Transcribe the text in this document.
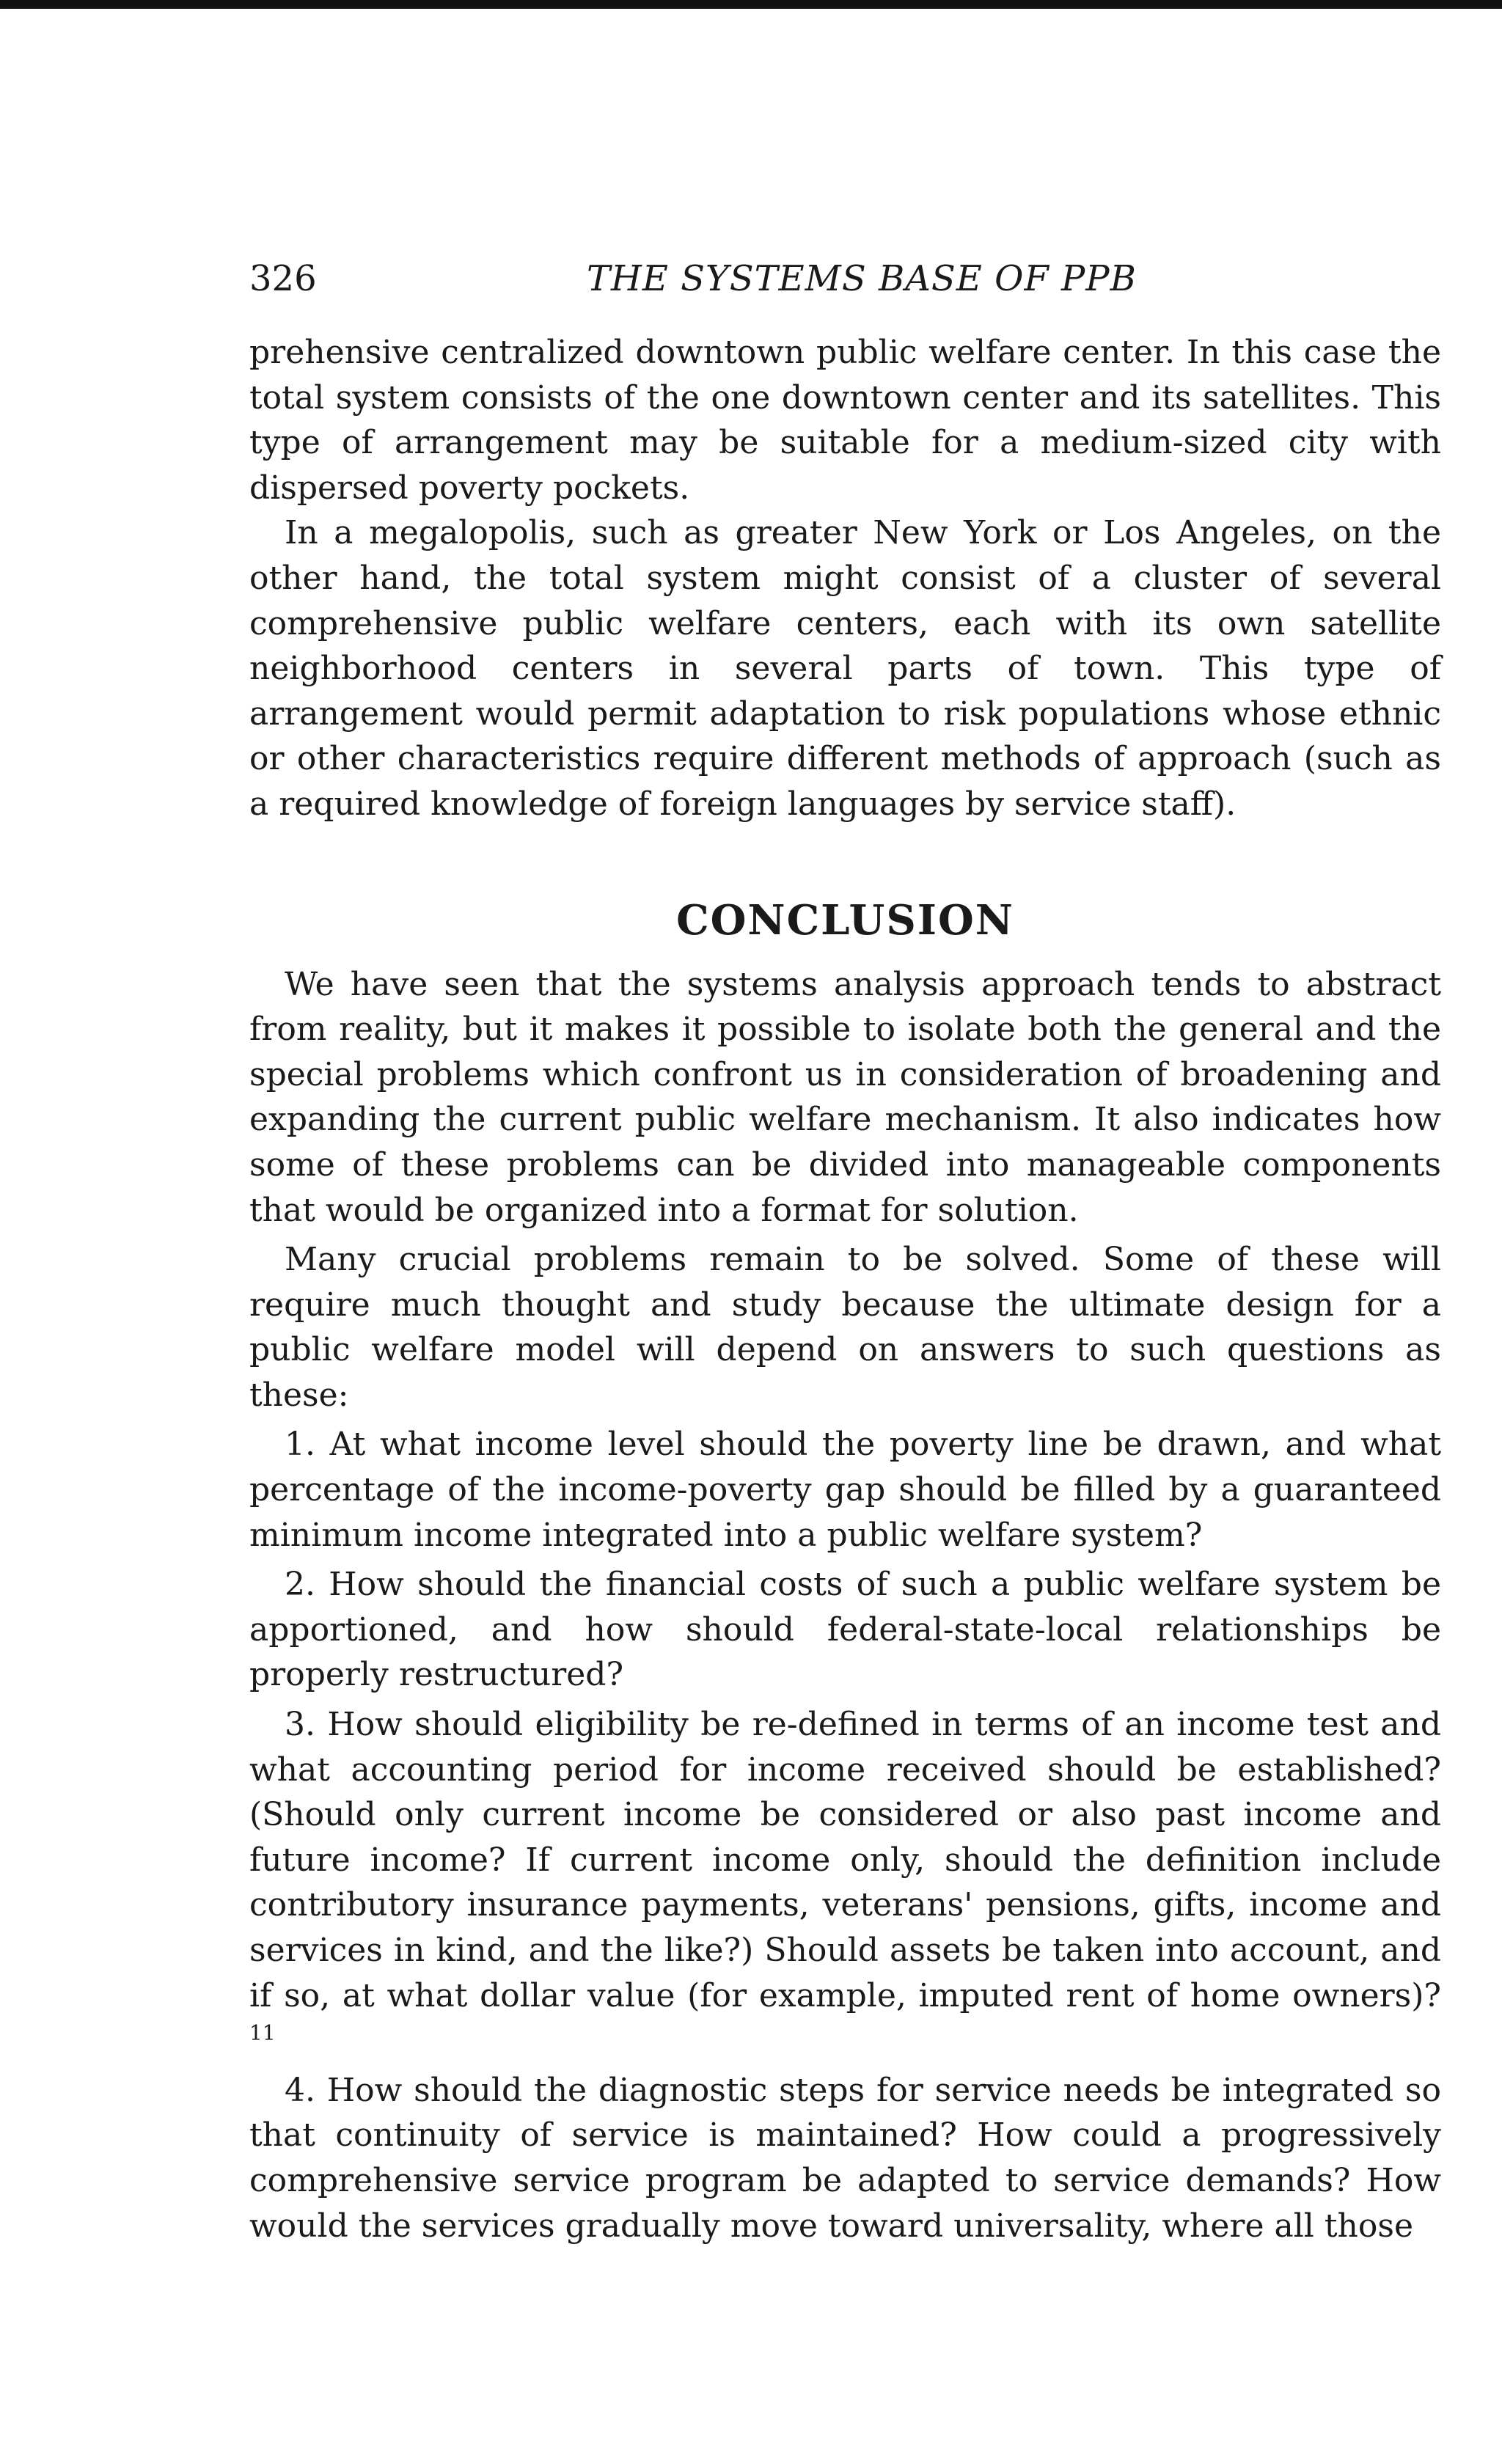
326	THE SYSTEMS BASE OF PPB

prehensive centralized downtown public welfare center. In this case the total system consists of the one downtown center and its satellites. This type of arrangement may be suitable for a medium-sized city with dispersed poverty pockets.

In a megalopolis, such as greater New York or Los Angeles, on the other hand, the total system might consist of a cluster of several comprehensive public welfare centers, each with its own satellite neighborhood centers in several parts of town. This type of arrangement would permit adaptation to risk populations whose ethnic or other characteristics require different methods of approach (such as a required knowledge of foreign languages by service staff).

CONCLUSION

We have seen that the systems analysis approach tends to abstract from reality, but it makes it possible to isolate both the general and the special problems which confront us in consideration of broadening and expanding the current public welfare mechanism. It also indicates how some of these problems can be divided into manageable components that would be organized into a format for solution.

Many crucial problems remain to be solved. Some of these will require much thought and study because the ultimate design for a public welfare model will depend on answers to such questions as these:

1. At what income level should the poverty line be drawn, and what percentage of the income-poverty gap should be filled by a guaranteed minimum income integrated into a public welfare system?

2. How should the financial costs of such a public welfare system be apportioned, and how should federal-state-local relationships be properly restructured?

3. How should eligibility be re-defined in terms of an income test and what accounting period for income received should be established? (Should only current income be considered or also past income and future income? If current income only, should the definition include contributory insurance payments, veterans' pensions, gifts, income and services in kind, and the like?) Should assets be taken into account, and if so, at what dollar value (for example, imputed rent of home owners)?$^{11}$

4. How should the diagnostic steps for service needs be integrated so that continuity of service is maintained? How could a progressively comprehensive service program be adapted to service demands? How would the services gradually move toward universality, where all those
